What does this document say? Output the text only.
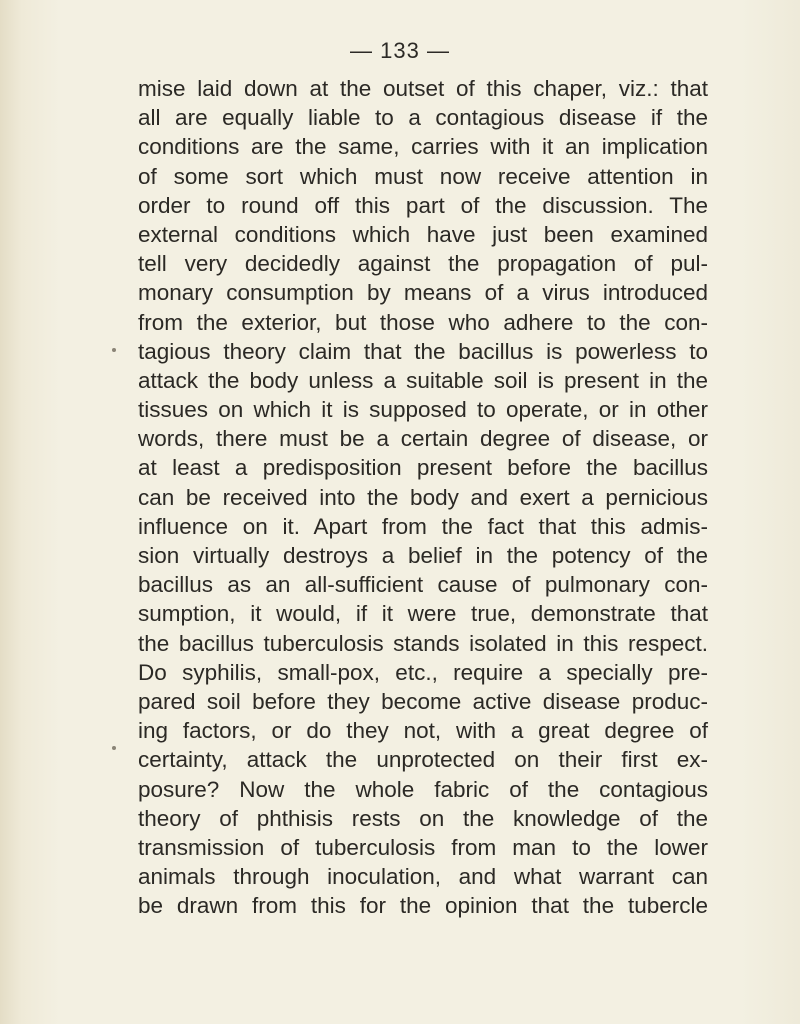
— 133 —

mise laid down at the outset of this chaper, viz.: that
all are equally liable to a contagious disease if the
conditions are the same, carries with it an implication
of some sort which must now receive attention in
order to round off this part of the discussion. The
external conditions which have just been examined
tell very decidedly against the propagation of pul-
monary consumption by means of a virus introduced
from the exterior, but those who adhere to the con-
tagious theory claim that the bacillus is powerless to
attack the body unless a suitable soil is present in the
tissues on which it is supposed to operate, or in other
words, there must be a certain degree of disease, or
at least a predisposition present before the bacillus
can be received into the body and exert a pernicious
influence on it. Apart from the fact that this admis-
sion virtually destroys a belief in the potency of the
bacillus as an all-sufficient cause of pulmonary con-
sumption, it would, if it were true, demonstrate that
the bacillus tuberculosis stands isolated in this respect.
Do syphilis, small-pox, etc., require a specially pre-
pared soil before they become active disease produc-
ing factors, or do they not, with a great degree of
certainty, attack the unprotected on their first ex-
posure? Now the whole fabric of the contagious
theory of phthisis rests on the knowledge of the
transmission of tuberculosis from man to the lower
animals through inoculation, and what warrant can
be drawn from this for the opinion that the tubercle
